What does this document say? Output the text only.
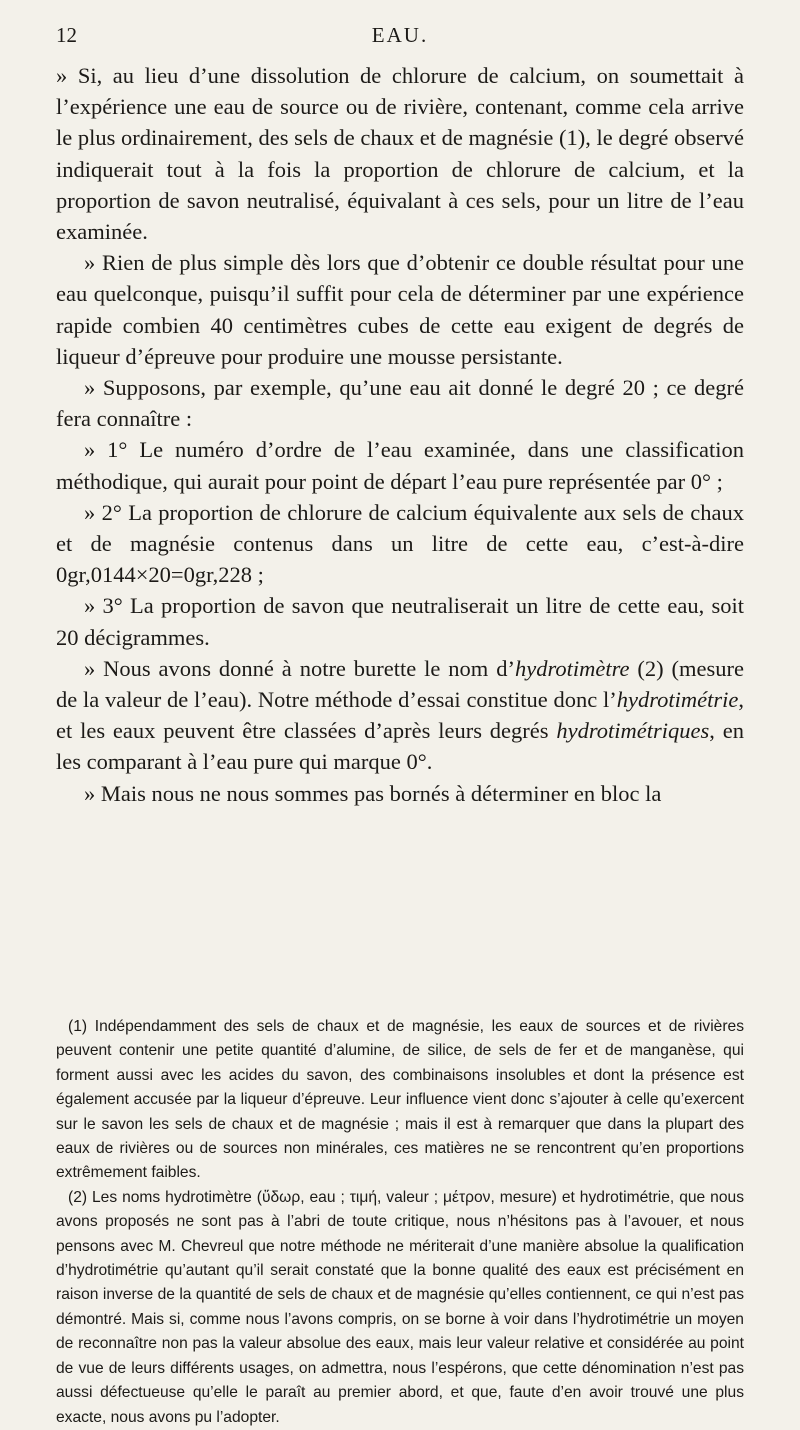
12	EAU.

» Si, au lieu d’une dissolution de chlorure de calcium, on soumettait à l’expérience une eau de source ou de rivière, contenant, comme cela arrive le plus ordinairement, des sels de chaux et de magnésie (1), le degré observé indiquerait tout à la fois la proportion de chlorure de calcium, et la proportion de savon neutralisé, équivalant à ces sels, pour un litre de l’eau examinée.

» Rien de plus simple dès lors que d’obtenir ce double résultat pour une eau quelconque, puisqu’il suffit pour cela de déterminer par une expérience rapide combien 40 centimètres cubes de cette eau exigent de degrés de liqueur d’épreuve pour produire une mousse persistante.

» Supposons, par exemple, qu’une eau ait donné le degré 20 ; ce degré fera connaître :

» 1° Le numéro d’ordre de l’eau examinée, dans une classification méthodique, qui aurait pour point de départ l’eau pure représentée par 0° ;

» 2° La proportion de chlorure de calcium équivalente aux sels de chaux et de magnésie contenus dans un litre de cette eau, c’est-à-dire 0gr,0144×20=0gr,228 ;

» 3° La proportion de savon que neutraliserait un litre de cette eau, soit 20 décigrammes.

» Nous avons donné à notre burette le nom d’hydrotimètre (2) (mesure de la valeur de l’eau). Notre méthode d’essai constitue donc l’hydrotimétrie, et les eaux peuvent être classées d’après leurs degrés hydrotimétriques, en les comparant à l’eau pure qui marque 0°.

» Mais nous ne nous sommes pas bornés à déterminer en bloc la

(1) Indépendamment des sels de chaux et de magnésie, les eaux de sources et de rivières peuvent contenir une petite quantité d’alumine, de silice, de sels de fer et de manganèse, qui forment aussi avec les acides du savon, des combinaisons insolubles et dont la présence est également accusée par la liqueur d’épreuve. Leur influence vient donc s’ajouter à celle qu’exercent sur le savon les sels de chaux et de magnésie ; mais il est à remarquer que dans la plupart des eaux de rivières ou de sources non minérales, ces matières ne se rencontrent qu’en proportions extrêmement faibles.

(2) Les noms hydrotimètre (ὕδωρ, eau ; τιμή, valeur ; μέτρον, mesure) et hydrotimétrie, que nous avons proposés ne sont pas à l’abri de toute critique, nous n’hésitons pas à l’avouer, et nous pensons avec M. Chevreul que notre méthode ne mériterait d’une manière absolue la qualification d’hydrotimétrie qu’autant qu’il serait constaté que la bonne qualité des eaux est précisément en raison inverse de la quantité de sels de chaux et de magnésie qu’elles contiennent, ce qui n’est pas démontré. Mais si, comme nous l’avons compris, on se borne à voir dans l’hydrotimétrie un moyen de reconnaître non pas la valeur absolue des eaux, mais leur valeur relative et considérée au point de vue de leurs différents usages, on admettra, nous l’espérons, que cette dénomination n’est pas aussi défectueuse qu’elle le paraît au premier abord, et que, faute d’en avoir trouvé une plus exacte, nous avons pu l’adopter.
